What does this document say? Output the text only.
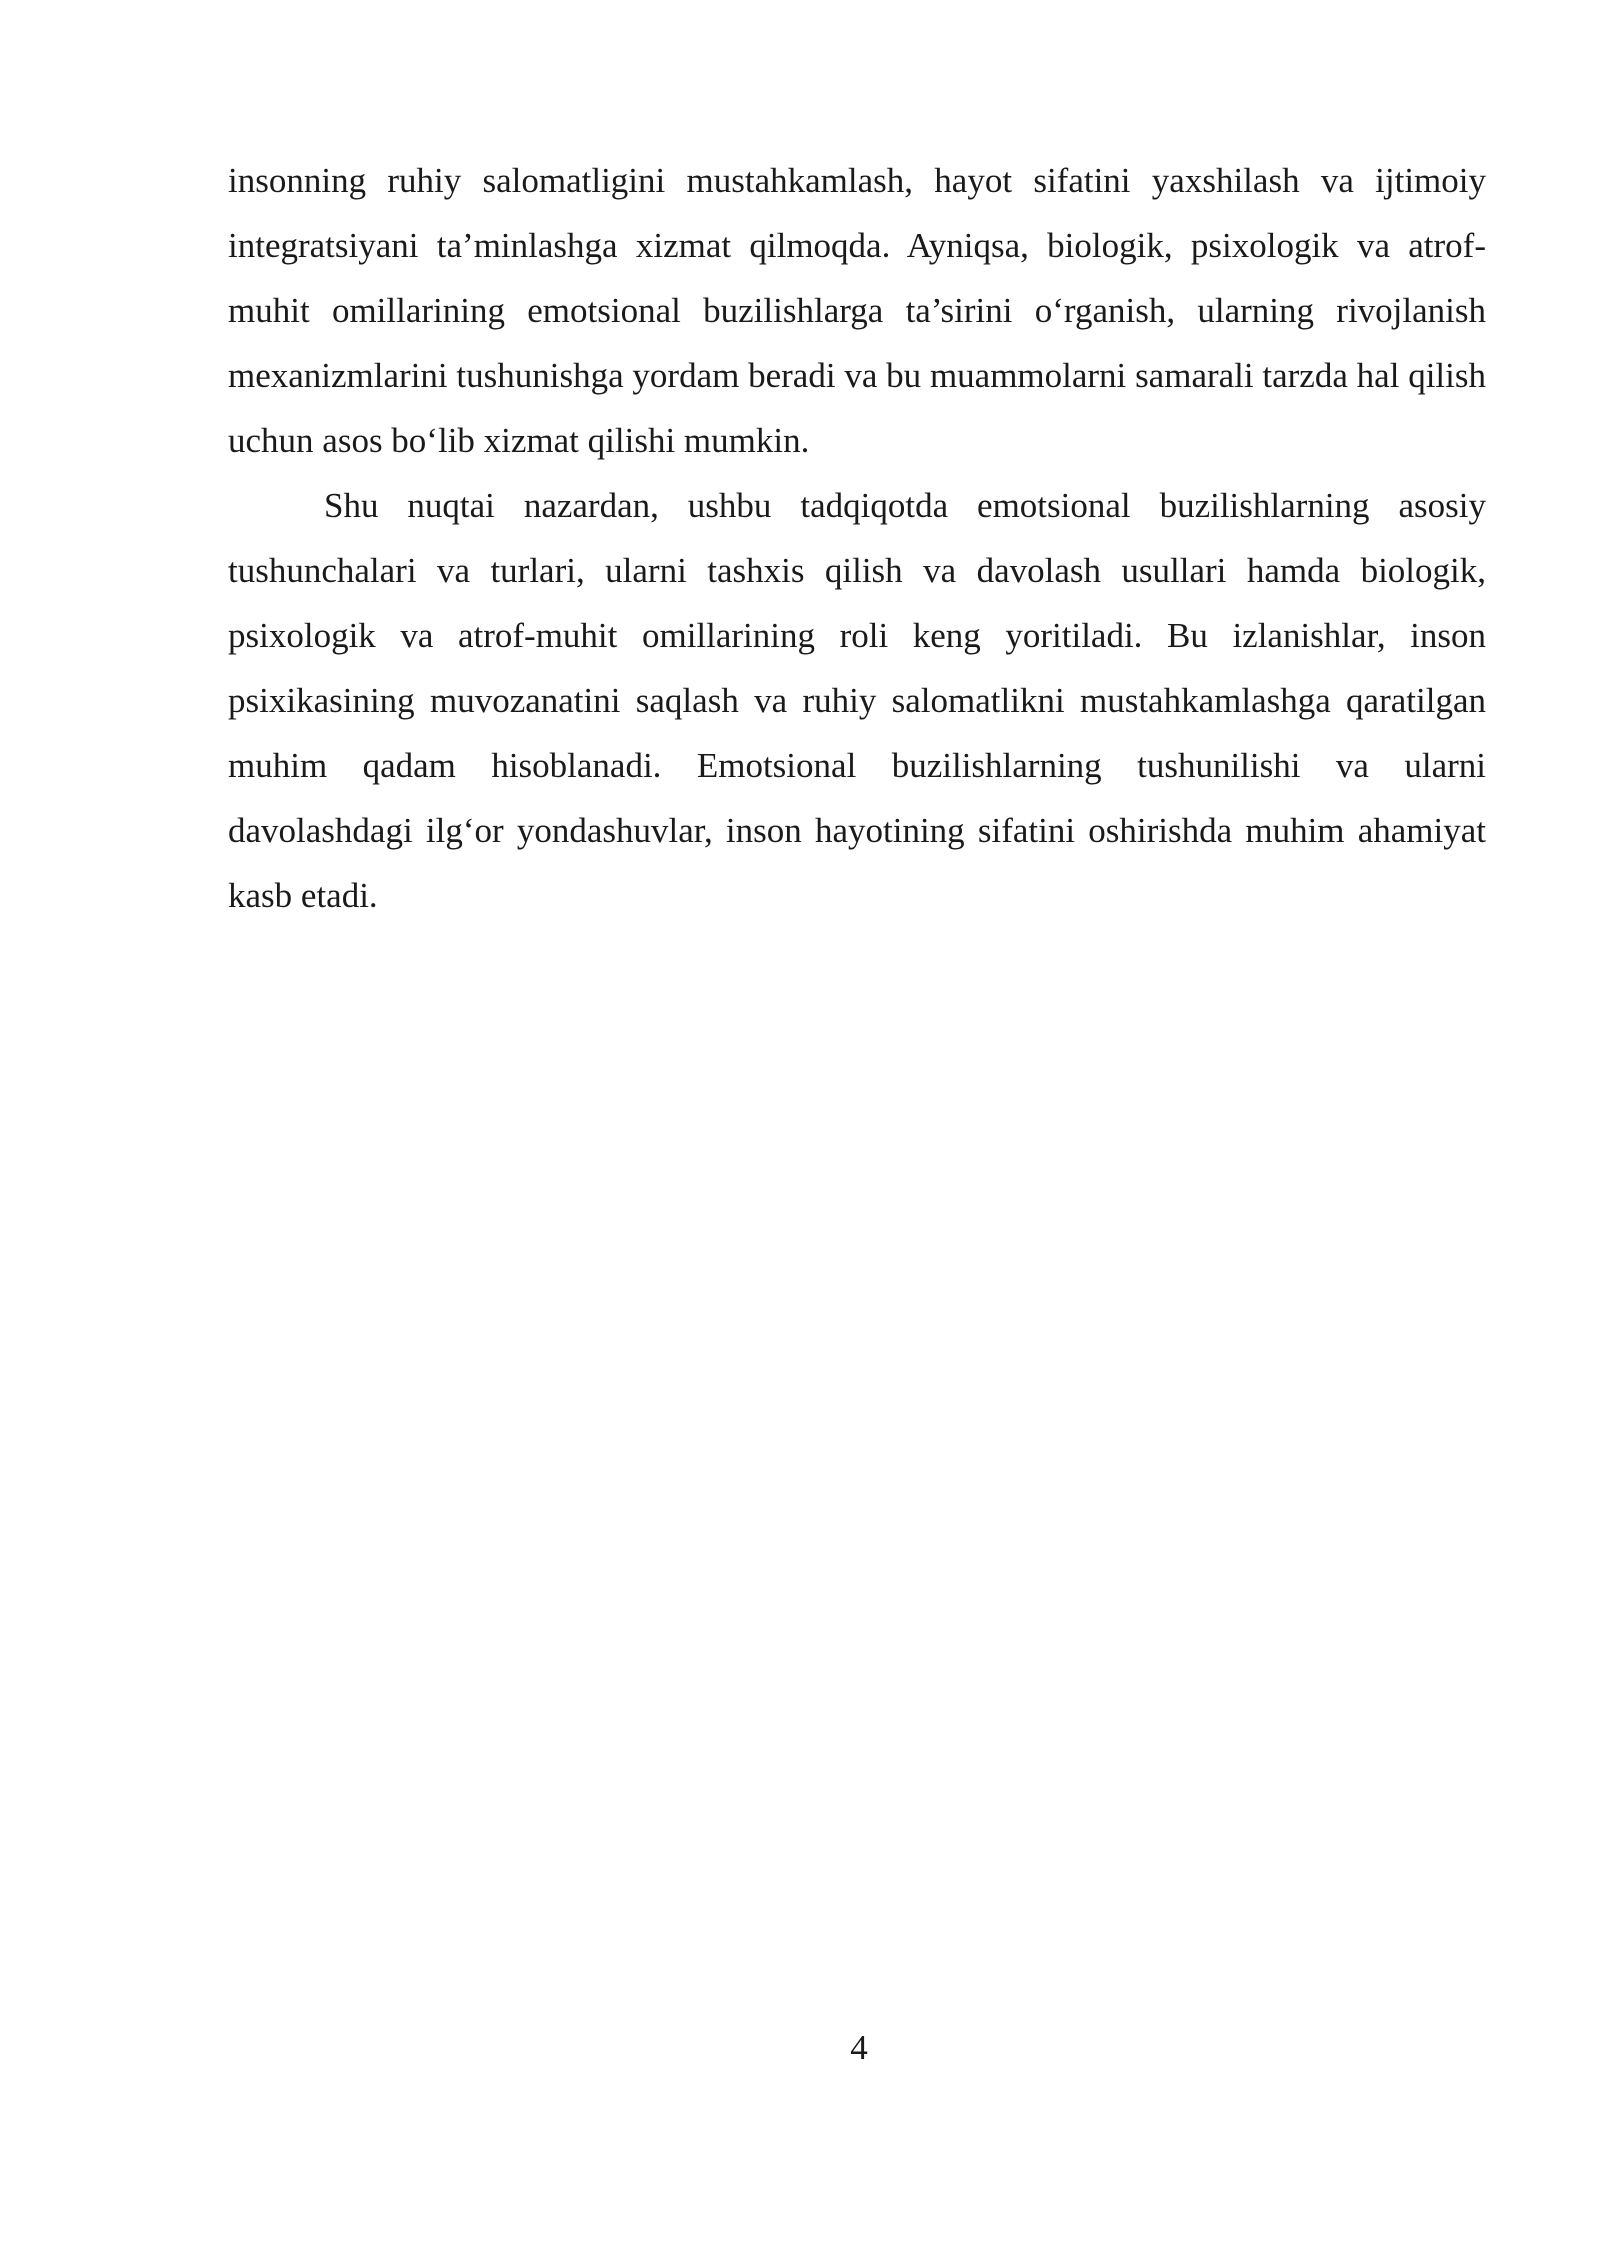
insonning ruhiy salomatligini mustahkamlash, hayot sifatini yaxshilash va ijtimoiy integratsiyani ta’minlashga xizmat qilmoqda. Ayniqsa, biologik, psixologik va atrof-muhit omillarining emotsional buzilishlarga ta’sirini o‘rganish, ularning rivojlanish mexanizmlarini tushunishga yordam beradi va bu muammolarni samarali tarzda hal qilish uchun asos bo‘lib xizmat qilishi mumkin.

Shu nuqtai nazardan, ushbu tadqiqotda emotsional buzilishlarning asosiy tushunchalari va turlari, ularni tashxis qilish va davolash usullari hamda biologik, psixologik va atrof-muhit omillarining roli keng yoritiladi. Bu izlanishlar, inson psixikasining muvozanatini saqlash va ruhiy salomatlikni mustahkamlashga qaratilgan muhim qadam hisoblanadi. Emotsional buzilishlarning tushunilishi va ularni davolashdagi ilg‘or yondashuvlar, inson hayotining sifatini oshirishda muhim ahamiyat kasb etadi.

4
